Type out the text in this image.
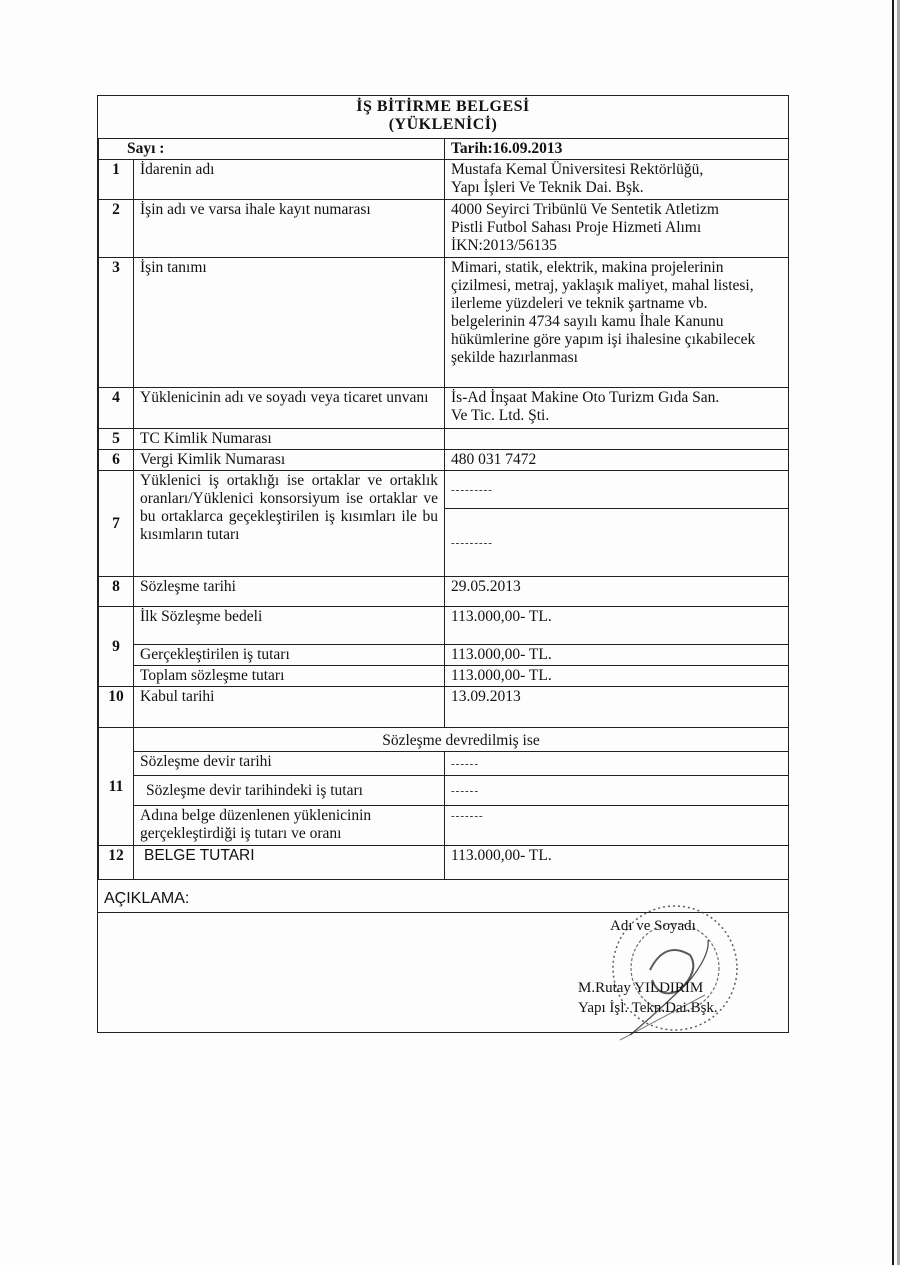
İŞ BİTİRME BELGESİ
(YÜKLENİCİ)
Sayı :		Tarih:16.09.2013
1	İdarenin adı	Mustafa Kemal Üniversitesi Rektörlüğü,
Yapı İşleri Ve Teknik Dai. Bşk.

2	İşin adı ve varsa ihale kayıt numarası	4000 Seyirci Tribünlü Ve Sentetik Atletizm
Pistli Futbol Sahası Proje Hizmeti Alımı
İKN:2013/56135

3	İşin tanımı	Mimari, statik, elektrik, makina projelerinin çizilmesi, metraj, yaklaşık maliyet, mahal listesi, ilerleme yüzdeleri ve teknik şartname vb. belgelerinin 4734 sayılı kamu İhale Kanunu hükümlerine göre yapım işi ihalesine çıkabilecek şekilde hazırlanması
4	Yüklenicinin adı ve soyadı veya ticaret unvanı	İs-Ad İnşaat Makine Oto Turizm Gıda San.
Ve Tic. Ltd. Şti.

5	TC Kimlik Numarası	
6	Vergi Kimlik Numarası	480 031 7472
7	Yüklenici iş ortaklığı ise ortaklar ve ortaklık oranları/Yüklenici konsorsiyum ise ortaklar ve bu ortaklarca geçekleştirilen iş kısımları ile bu kısımların tutarı	---------
		---------
8	Sözleşme tarihi	29.05.2013
9	İlk Sözleşme bedeli	113.000,00- TL.
	Gerçekleştirilen iş tutarı	113.000,00- TL.
	Toplam sözleşme tutarı	113.000,00- TL.
10	Kabul tarihi	13.09.2013
11	Sözleşme devredilmiş ise	
	Sözleşme devir tarihi	------
	Sözleşme devir tarihindeki iş tutarı	------
	Adına belge düzenlenen yüklenicinin gerçekleştirdiği iş tutarı ve oranı	-------
12	BELGE TUTARI	113.000,00- TL.
AÇIKLAMA:
Adı ve Soyadı
M.Rutay YILDIRIM
Yapı İşl. Tekn.Dai.Bşk.
